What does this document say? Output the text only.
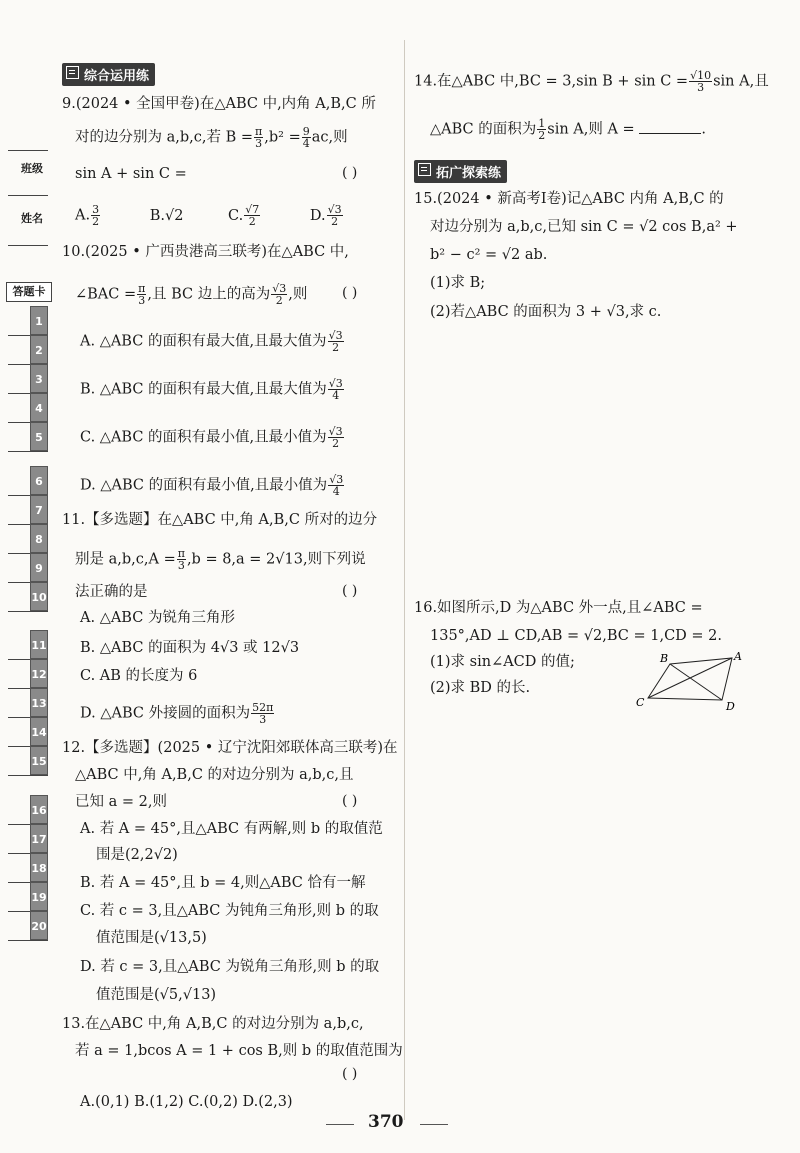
班级
姓名
答题卡
1
2
3
4
5
6
7
8
9
10
11
12
13
14
15
16
17
18
19
20
综合运用练
9.(2024 • 全国甲卷)在△ABC 中,内角 A,B,C 所
对的边分别为 a,b,c,若 $B = \frac{\pi}{3} ,b^2 = \frac{9}{4}$ ac,则
sin A + sin C =	( )
A. $\frac{3}{2}$	B.√2	C. $\frac{√7}{2}$	D. $\frac{√3}{2}$
10.(2025 • 广西贵港高三联考)在△ABC 中,
∠BAC = $\frac{\pi}{3}$ ,且 BC 边上的高为 $\frac{√3}{2}$ ,则 ( )
A. △ABC 的面积有最大值,且最大值为 $\frac{√3}{2}$
B. △ABC 的面积有最大值,且最大值为 $\frac{√3}{4}$
C. △ABC 的面积有最小值,且最小值为 $\frac{√3}{2}$
D. △ABC 的面积有最小值,且最小值为 $\frac{√3}{4}$
11.【多选题】在△ABC 中,角 A,B,C 所对的边分
别是 $a,b,c,A = \frac{\pi}{3} ,b = 8,a = 2√13$,则下列说
法正确的是	( )
A. △ABC 为锐角三角形
B. △ABC 的面积为 4√3 或 12√3
C. AB 的长度为 6
D. △ABC 外接圆的面积为 $\frac{52\pi}{3}$
12.【多选题】(2025 • 辽宁沈阳郊联体高三联考)在
△ABC 中,角 A,B,C 的对边分别为 a,b,c,且
已知 a = 2,则	( )
A. 若 A = 45°,且△ABC 有两解,则 b 的取值范
围是(2,2√2)
B. 若 A = 45°,且 b = 4,则△ABC 恰有一解
C. 若 c = 3,且△ABC 为钝角三角形,则 b 的取
值范围是(√13,5)
D. 若 c = 3,且△ABC 为锐角三角形,则 b 的取
值范围是(√5,√13)
13.在△ABC 中,角 A,B,C 的对边分别为 a,b,c,
若 a = 1,bcos A = 1 + cos B,则 b 的取值范围为
( )
A.(0,1) B.(1,2) C.(0,2) D.(2,3)
14.在△ABC 中,BC = 3,sin $B + \sin C = \frac{√10}{3}$ sin A,且
△ABC 的面积为 $\frac{1}{2}$ sin A,则 A =	.
拓广探索练
15.(2024 • 新高考Ⅰ卷)记△ABC 内角 A,B,C 的
对边分别为 a,b,c,已知 sin C = √2 cos B,a² +
b² − c² = √2 ab.
(1)求 B;
(2)若△ABC 的面积为 3 + √3,求 c.
16.如图所示,D 为△ABC 外一点,且∠ABC =
135°,AD ⊥ CD,AB = √2,BC = 1,CD = 2.
(1)求 sin∠ACD 的值;
(2)求 BD 的长.
A
B
C	D
370
